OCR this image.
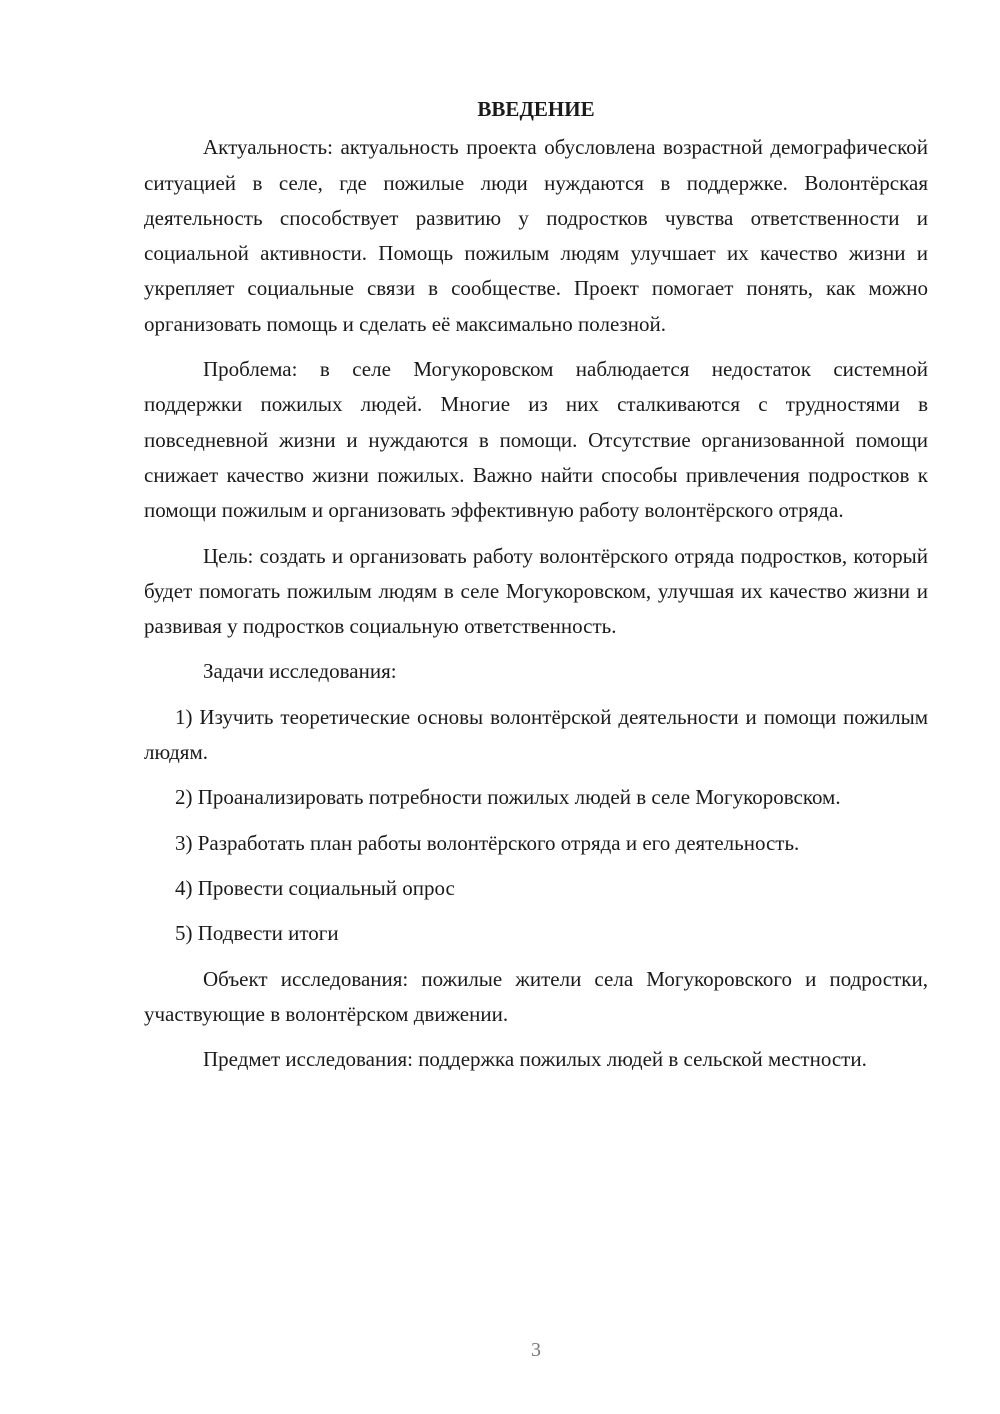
ВВЕДЕНИЕ

Актуальность: актуальность проекта обусловлена возрастной демографической ситуацией в селе, где пожилые люди нуждаются в поддержке. Волонтёрская деятельность способствует развитию у подростков чувства ответственности и социальной активности. Помощь пожилым людям улучшает их качество жизни и укрепляет социальные связи в сообществе. Проект помогает понять, как можно организовать помощь и сделать её максимально полезной.

Проблема: в селе Могукоровском наблюдается недостаток системной поддержки пожилых людей. Многие из них сталкиваются с трудностями в повседневной жизни и нуждаются в помощи. Отсутствие организованной помощи снижает качество жизни пожилых. Важно найти способы привлечения подростков к помощи пожилым и организовать эффективную работу волонтёрского отряда.

Цель: создать и организовать работу волонтёрского отряда подростков, который будет помогать пожилым людям в селе Могукоровском, улучшая их качество жизни и развивая у подростков социальную ответственность.

Задачи исследования:

1) Изучить теоретические основы волонтёрской деятельности и помощи пожилым людям.

2) Проанализировать потребности пожилых людей в селе Могукоровском.

3) Разработать план работы волонтёрского отряда и его деятельность.

4) Провести социальный опрос

5) Подвести итоги

Объект исследования: пожилые жители села Могукоровского и подростки, участвующие в волонтёрском движении.

Предмет исследования: поддержка пожилых людей в сельской местности.

3
